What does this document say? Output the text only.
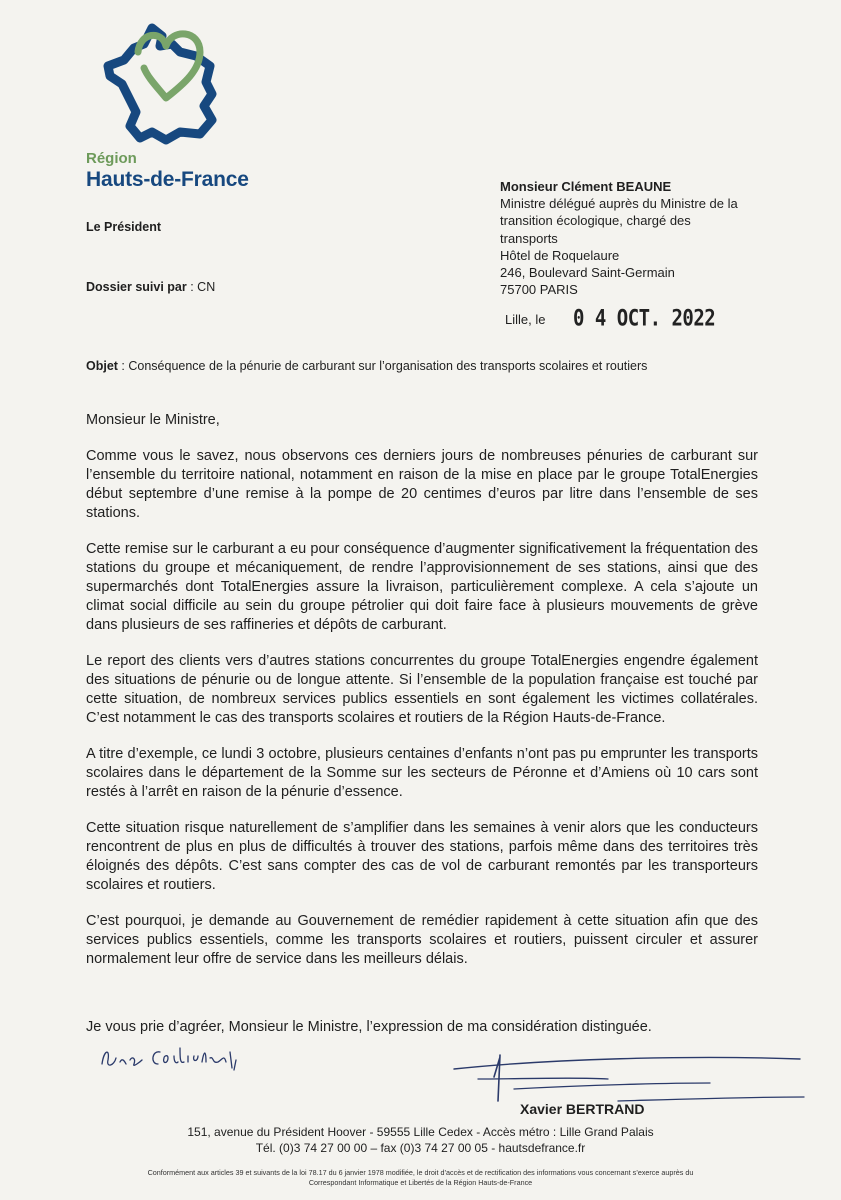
Région
Hauts-de-France
Le Président
Dossier suivi par : CN
Monsieur Clément BEAUNE
Ministre délégué auprès du Ministre de la
transition écologique, chargé des
transports
Hôtel de Roquelaure
246, Boulevard Saint-Germain
75700 PARIS
Lille, le 0 4 OCT. 2022
Objet : Conséquence de la pénurie de carburant sur l’organisation des transports scolaires et routiers
Monsieur le Ministre,

Comme vous le savez, nous observons ces derniers jours de nombreuses pénuries de carburant sur l’ensemble du territoire national, notamment en raison de la mise en place par le groupe TotalEnergies début septembre d’une remise à la pompe de 20 centimes d’euros par litre dans l’ensemble de ses stations.

Cette remise sur le carburant a eu pour conséquence d’augmenter significativement la fréquentation des stations du groupe et mécaniquement, de rendre l’approvisionnement de ses stations, ainsi que des supermarchés dont TotalEnergies assure la livraison, particulièrement complexe. A cela s’ajoute un climat social difficile au sein du groupe pétrolier qui doit faire face à plusieurs mouvements de grève dans plusieurs de ses raffineries et dépôts de carburant.

Le report des clients vers d’autres stations concurrentes du groupe TotalEnergies engendre également des situations de pénurie ou de longue attente. Si l’ensemble de la population française est touché par cette situation, de nombreux services publics essentiels en sont également les victimes collatérales. C’est notamment le cas des transports scolaires et routiers de la Région Hauts-de-France.

A titre d’exemple, ce lundi 3 octobre, plusieurs centaines d’enfants n’ont pas pu emprunter les transports scolaires dans le département de la Somme sur les secteurs de Péronne et d’Amiens où 10 cars sont restés à l’arrêt en raison de la pénurie d’essence.

Cette situation risque naturellement de s’amplifier dans les semaines à venir alors que les conducteurs rencontrent de plus en plus de difficultés à trouver des stations, parfois même dans des territoires très éloignés des dépôts. C’est sans compter des cas de vol de carburant remontés par les transporteurs scolaires et routiers.

C’est pourquoi, je demande au Gouvernement de remédier rapidement à cette situation afin que des services publics essentiels, comme les transports scolaires et routiers, puissent circuler et assurer normalement leur offre de service dans les meilleurs délais.

Je vous prie d’agréer, Monsieur le Ministre, l’expression de ma considération distinguée.
Xavier BERTRAND
151, avenue du Président Hoover - 59555 Lille Cedex - Accès métro : Lille Grand Palais
Tél. (0)3 74 27 00 00 – fax (0)3 74 27 00 05 - hautsdefrance.fr
Conformément aux articles 39 et suivants de la loi 78.17 du 6 janvier 1978 modifiée, le droit d’accès et de rectification des informations vous concernant s’exerce auprès du
Correspondant Informatique et Libertés de la Région Hauts-de-France
